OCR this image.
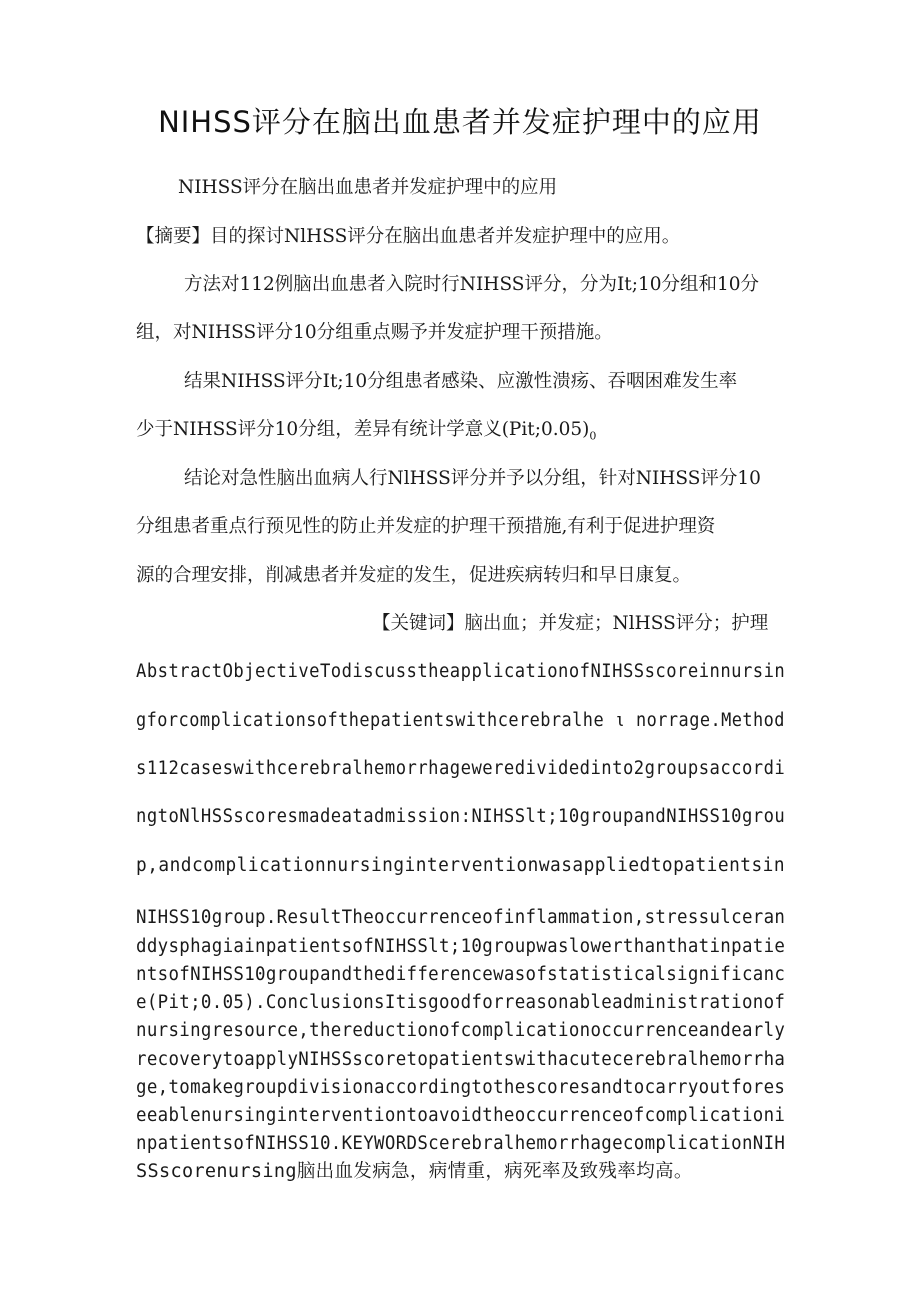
NIHSS评分在脑出血患者并发症护理中的应用
NIHSS评分在脑出血患者并发症护理中的应用
【摘要】目的探讨NlHSS评分在脑出血患者并发症护理中的应用。
方法对112例脑出血患者入院时行NIHSS评分，分为It;10分组和10分
组，对NIHSS评分10分组重点赐予并发症护理干预措施。
结果NIHSS评分It;10分组患者感染、应激性溃疡、吞咽困难发生率
少于NIHSS评分10分组，差异有统计学意义$(Pit;0.05)_0$
结论对急性脑出血病人行NlHSS评分并予以分组，针对NIHSS评分10
分组患者重点行预见性的防止并发症的护理干预措施,有利于促进护理资
源的合理安排，削减患者并发症的发生，促进疾病转归和早日康复。
【关键词】脑出血；并发症；NlHSS评分；护理
AbstractObjectiveTodiscusstheapplicationofNIHSSscoreinnursin
gforcomplicationsofthepatientswithcerebralhe ι norrage.Method
s112caseswithcerebralhemorrhageweredividedinto2groupsaccordi
ngtoNlHSSscoresmadeatadmission:NIHSSlt;10groupandNIHSS10grou
p,andcomplicationnursinginterventionwasappliedtopatientsin
NIHSS10group.ResultTheoccurrenceofinflammation,stressulceran
ddysphagiainpatientsofNIHSSlt;10groupwaslowerthanthatinpatie
ntsofNIHSS10groupandthedifferencewasofstatisticalsignificanc
e(Pit;0.05).ConclusionsItisgoodforreasonableadministrationof
nursingresource,thereductionofcomplicationoccurrenceandearly
recoverytoapplyNIHSSscoretopatientswithacutecerebralhemorrha
ge,tomakegroupdivisionaccordingtothescoresandtocarryoutfores
eeablenursinginterventiontoavoidtheoccurrenceofcomplicationi
npatientsofNIHSS10.KEYWORDScerebralhemorrhagecomplicationNIH
SSscorenursing脑出血发病急，病情重，病死率及致残率均高。
